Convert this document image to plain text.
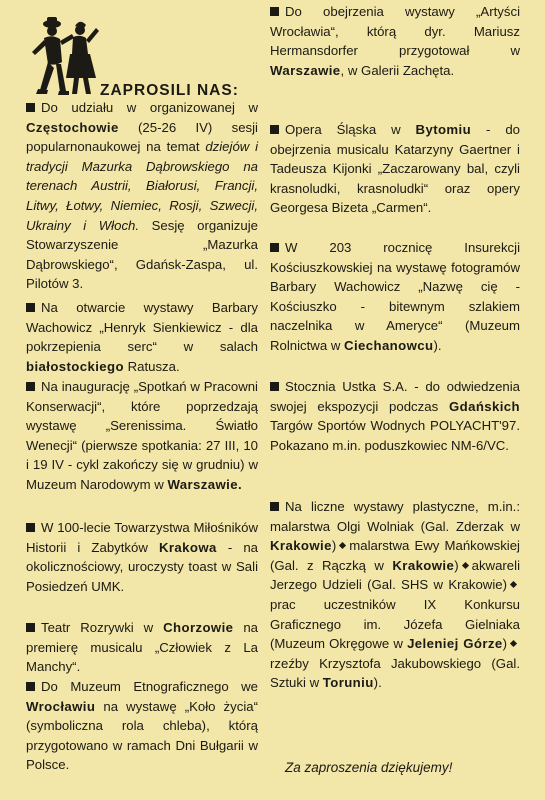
ZAPROSILI NAS:

Do udziału w organizowanej w Częstochowie (25-26 IV) sesji popularnonaukowej na temat dziejów i tradycji Mazurka Dąbrowskiego na terenach Austrii, Białorusi, Francji, Litwy, Łotwy, Niemiec, Rosji, Szwecji, Ukrainy i Włoch. Sesję organizuje Stowarzyszenie „Mazurka Dąbrowskiego“, Gdańsk-Zaspa, ul. Pilotów 3.

Na otwarcie wystawy Barbary Wachowicz „Henryk Sienkiewicz - dla pokrzepienia serc“ w salach białostockiego Ratusza.

Na inaugurację „Spotkań w Pracowni Konserwacji“, które poprzedzają wystawę „Serenissima. Światło Wenecji“ (pierwsze spotkania: 27 III, 10 i 19 IV - cykl zakończy się w grudniu) w Muzeum Narodowym w Warszawie.

W 100-lecie Towarzystwa Miłośników Historii i Zabytków Krakowa - na okolicznościowy, uroczysty toast w Sali Posiedzeń UMK.

Teatr Rozrywki w Chorzowie na premierę musicalu „Człowiek z La Manchy“.

Do Muzeum Etnograficznego we Wrocławiu na wystawę „Koło życia“ (symboliczna rola chleba), którą przygotowano w ramach Dni Bułgarii w Polsce.

Do obejrzenia wystawy „Artyści Wrocławia“, którą dyr. Mariusz Hermansdorfer przygotował w Warszawie, w Galerii Zachęta.

Opera Śląska w Bytomiu - do obejrzenia musicalu Katarzyny Gaertner i Tadeusza Kijonki „Zaczarowany bal, czyli krasnoludki, krasnoludki“ oraz opery Georgesa Bizeta „Carmen“.

W 203 rocznicę Insurekcji Kościuszkowskiej na wystawę fotogramów Barbary Wachowicz „Nazwę cię - Kościuszko - bitewnym szlakiem naczelnika w Ameryce“ (Muzeum Rolnictwa w Ciechanowcu).

Stocznia Ustka S.A. - do odwiedzenia swojej ekspozycji podczas Gdańskich Targów Sportów Wodnych POLYACHT'97. Pokazano m.in. poduszkowiec NM-6/VC.

Na liczne wystawy plastyczne, m.in.: malarstwa Olgi Wolniak (Gal. Zderzak w Krakowie) malarstwa Ewy Mańkowskiej (Gal. z Rączką w Krakowie) akwareli Jerzego Udzieli (Gal. SHS w Krakowie)prac uczestników IX Konkursu Graficznego im. Józefa Gielniaka (Muzeum Okręgowe w Jeleniej Górze)rzeźby Krzysztofa Jakubowskiego (Gal. Sztuki w Toruniu).

Za zaproszenia dziękujemy!
